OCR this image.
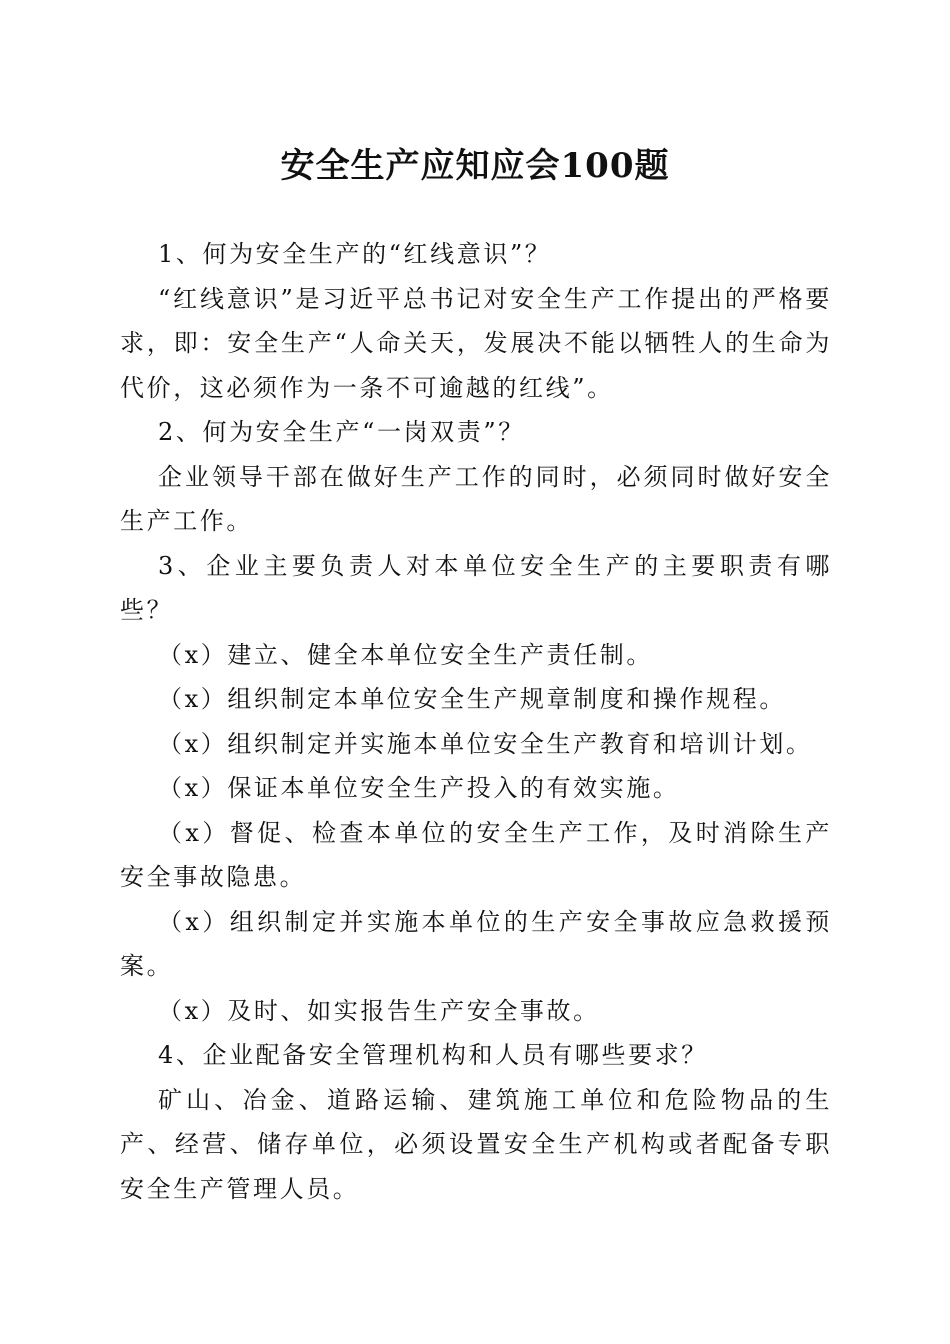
安全生产应知应会100题

1、何为安全生产的“红线意识”？

“红线意识”是习近平总书记对安全生产工作提出的严格要求，即：安全生产“人命关天，发展决不能以牺牲人的生命为代价，这必须作为一条不可逾越的红线”。

2、何为安全生产“一岗双责”？

企业领导干部在做好生产工作的同时，必须同时做好安全生产工作。

3、企业主要负责人对本单位安全生产的主要职责有哪些？

（x）建立、健全本单位安全生产责任制。

（x）组织制定本单位安全生产规章制度和操作规程。

（x）组织制定并实施本单位安全生产教育和培训计划。

（x）保证本单位安全生产投入的有效实施。

（x）督促、检查本单位的安全生产工作，及时消除生产安全事故隐患。

（x）组织制定并实施本单位的生产安全事故应急救援预案。

（x）及时、如实报告生产安全事故。

4、企业配备安全管理机构和人员有哪些要求？

矿山、冶金、道路运输、建筑施工单位和危险物品的生产、经营、储存单位，必须设置安全生产机构或者配备专职安全生产管理人员。
